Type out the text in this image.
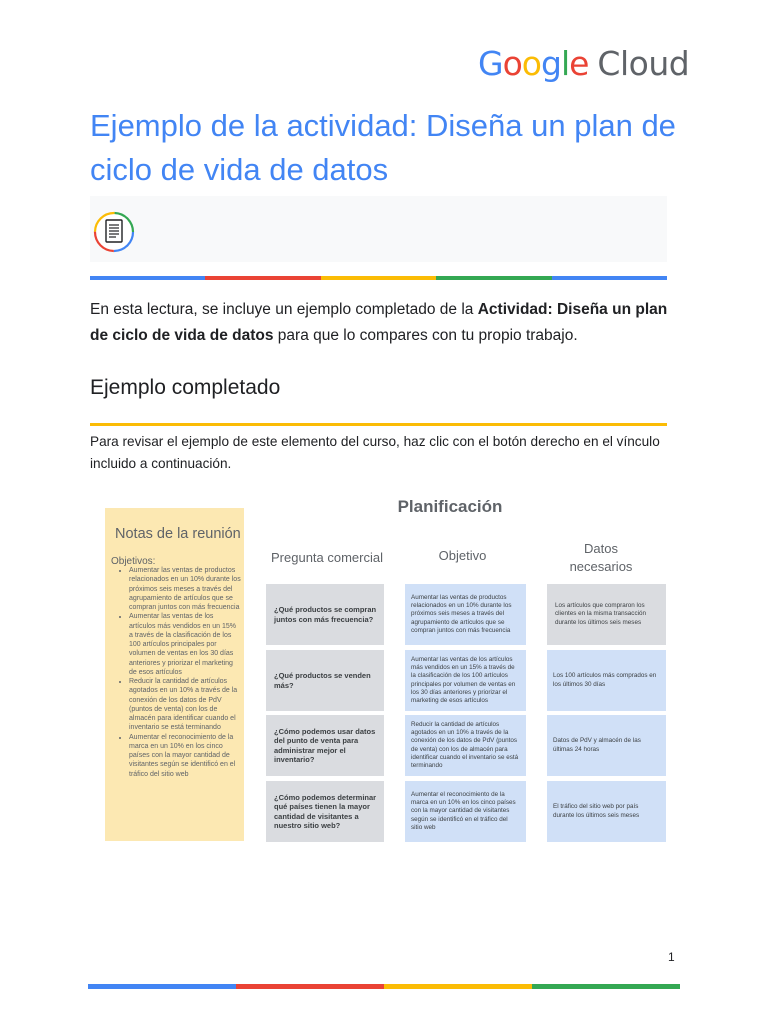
G o o g l e Cloud
Ejemplo de la actividad: Diseña un plan de ciclo de vida de datos

En esta lectura, se incluye un ejemplo completado de la Actividad: Diseña un plan de ciclo de vida de datos para que lo compares con tu propio trabajo.

Ejemplo completado

Para revisar el ejemplo de este elemento del curso, haz clic con el botón derecho en el vínculo incluido a continuación.

Notas de la reunión
Objetivos:
• Aumentar las ventas de productos relacionados en un 10% durante los próximos seis meses a través del agrupamiento de artículos que se compran juntos con más frecuencia
• Aumentar las ventas de los artículos más vendidos en un 15% a través de la clasificación de los 100 artículos principales por volumen de ventas en los 30 días anteriores y priorizar el marketing de esos artículos
• Reducir la cantidad de artículos agotados en un 10% a través de la conexión de los datos de PdV (puntos de venta) con los de almacén para identificar cuando el inventario se está terminando
• Aumentar el reconocimiento de la marca en un 10% en los cinco países con la mayor cantidad de visitantes según se identificó en el tráfico del sitio web
Planificación
Pregunta comercial	Objetivo	Datos necesarios
¿Qué productos se compran juntos con más frecuencia?
Aumentar las ventas de productos relacionados en un 10% durante los próximos seis meses a través del agrupamiento de artículos que se compran juntos con más frecuencia
Los artículos que compraron los clientes en la misma transacción durante los últimos seis meses
¿Qué productos se venden más?
Aumentar las ventas de los artículos más vendidos en un 15% a través de la clasificación de los 100 artículos principales por volumen de ventas en los 30 días anteriores y priorizar el marketing de esos artículos
Los 100 artículos más comprados en los últimos 30 días
¿Cómo podemos usar datos del punto de venta para administrar mejor el inventario?
Reducir la cantidad de artículos agotados en un 10% a través de la conexión de los datos de PdV (puntos de venta) con los de almacén para identificar cuando el inventario se está terminando
Datos de PdV y almacén de las últimas 24 horas
¿Cómo podemos determinar qué países tienen la mayor cantidad de visitantes a nuestro sitio web?
Aumentar el reconocimiento de la marca en un 10% en los cinco países con la mayor cantidad de visitantes según se identificó en el tráfico del sitio web
El tráfico del sitio web por país durante los últimos seis meses
1
